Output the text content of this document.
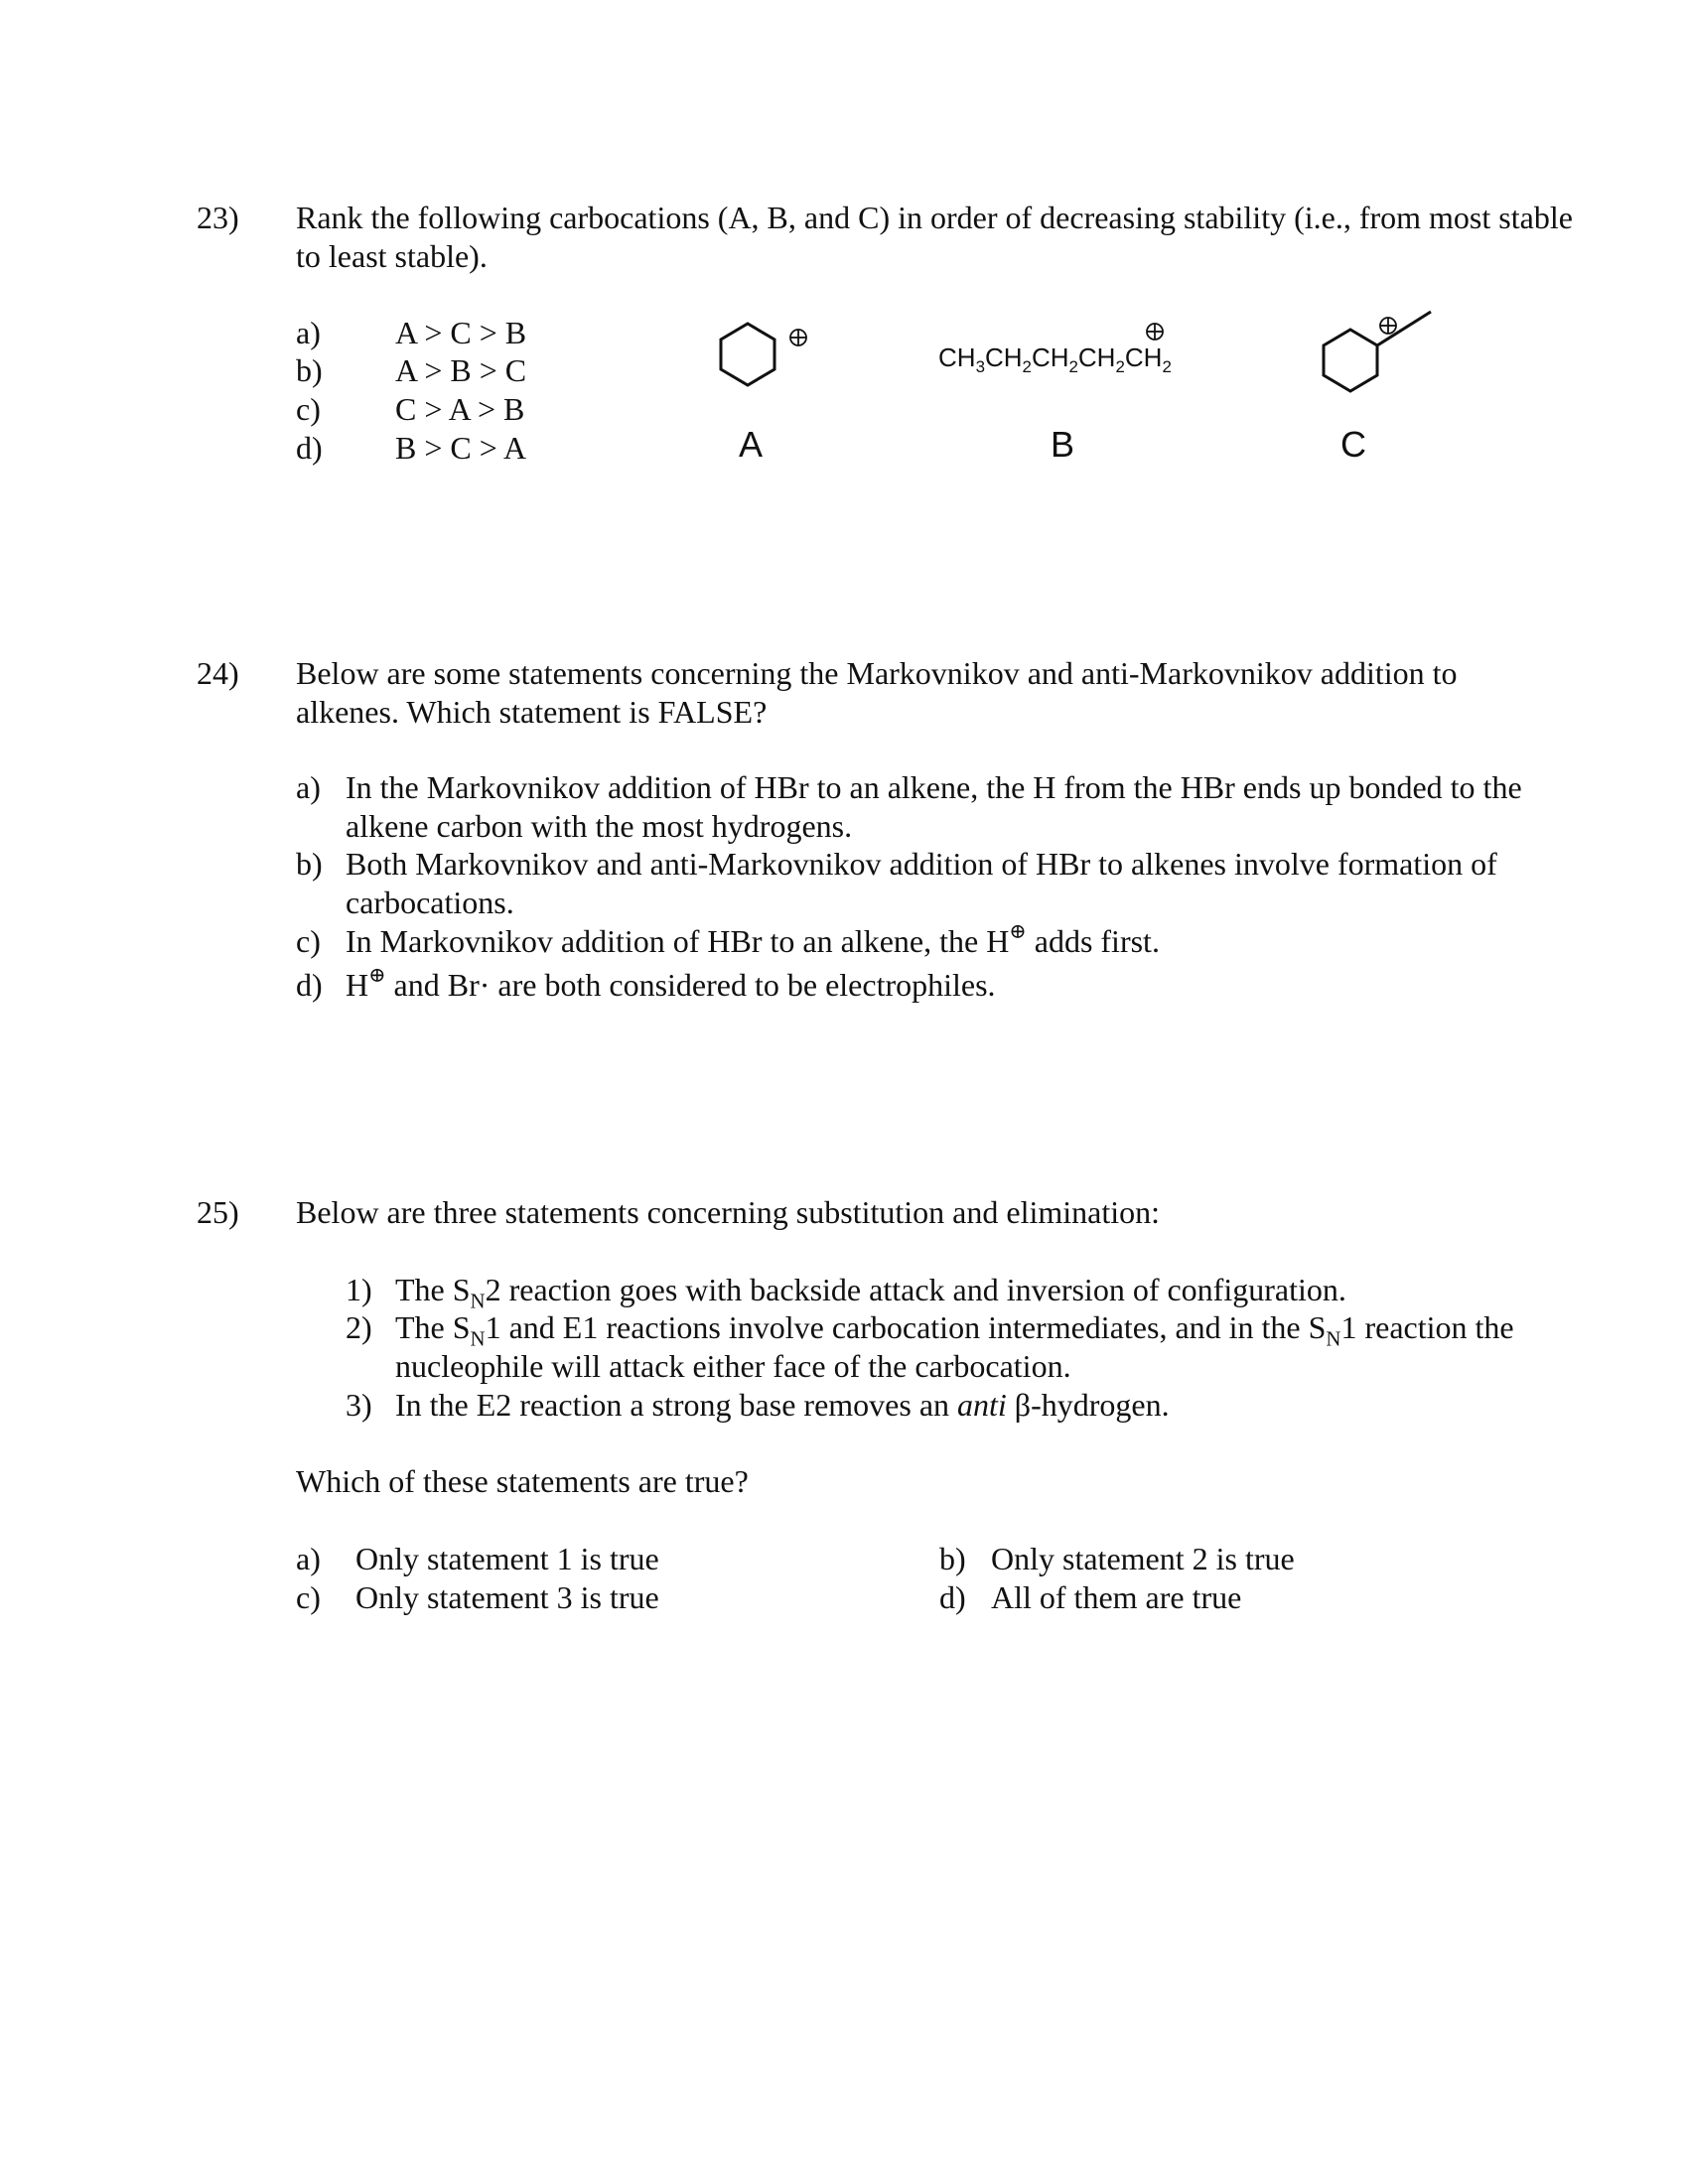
23) Rank the following carbocations (A, B, and C) in order of decreasing stability (i.e., from most stable to least stable).
a)	A > C > B
b)	A > B > C
c)	C > A > B
d)	B > C > A	A
$CH_3CH_2CH_2CH_2CH_2$
B	C
24) Below are some statements concerning the Markovnikov and anti-Markovnikov addition to alkenes. Which statement is FALSE?
a) In the Markovnikov addition of HBr to an alkene, the H from the HBr ends up bonded to the alkene carbon with the most hydrogens.
b) Both Markovnikov and anti-Markovnikov addition of HBr to alkenes involve formation of carbocations.
c) In Markovnikov addition of HBr to an alkene, the H⊕ adds first.
d) H⊕ and Br· are both considered to be electrophiles.
25) Below are three statements concerning substitution and elimination:
1) The $S_N2$ reaction goes with backside attack and inversion of configuration.
2) The $S_N1$ and E1 reactions involve carbocation intermediates, and in the $S_N1$ reaction the nucleophile will attack either face of the carbocation.
3) In the E2 reaction a strong base removes an anti β-hydrogen.
Which of these statements are true?
a)	Only statement 1 is true	b) Only statement 2 is true
c)	Only statement 3 is true	d) All of them are true
